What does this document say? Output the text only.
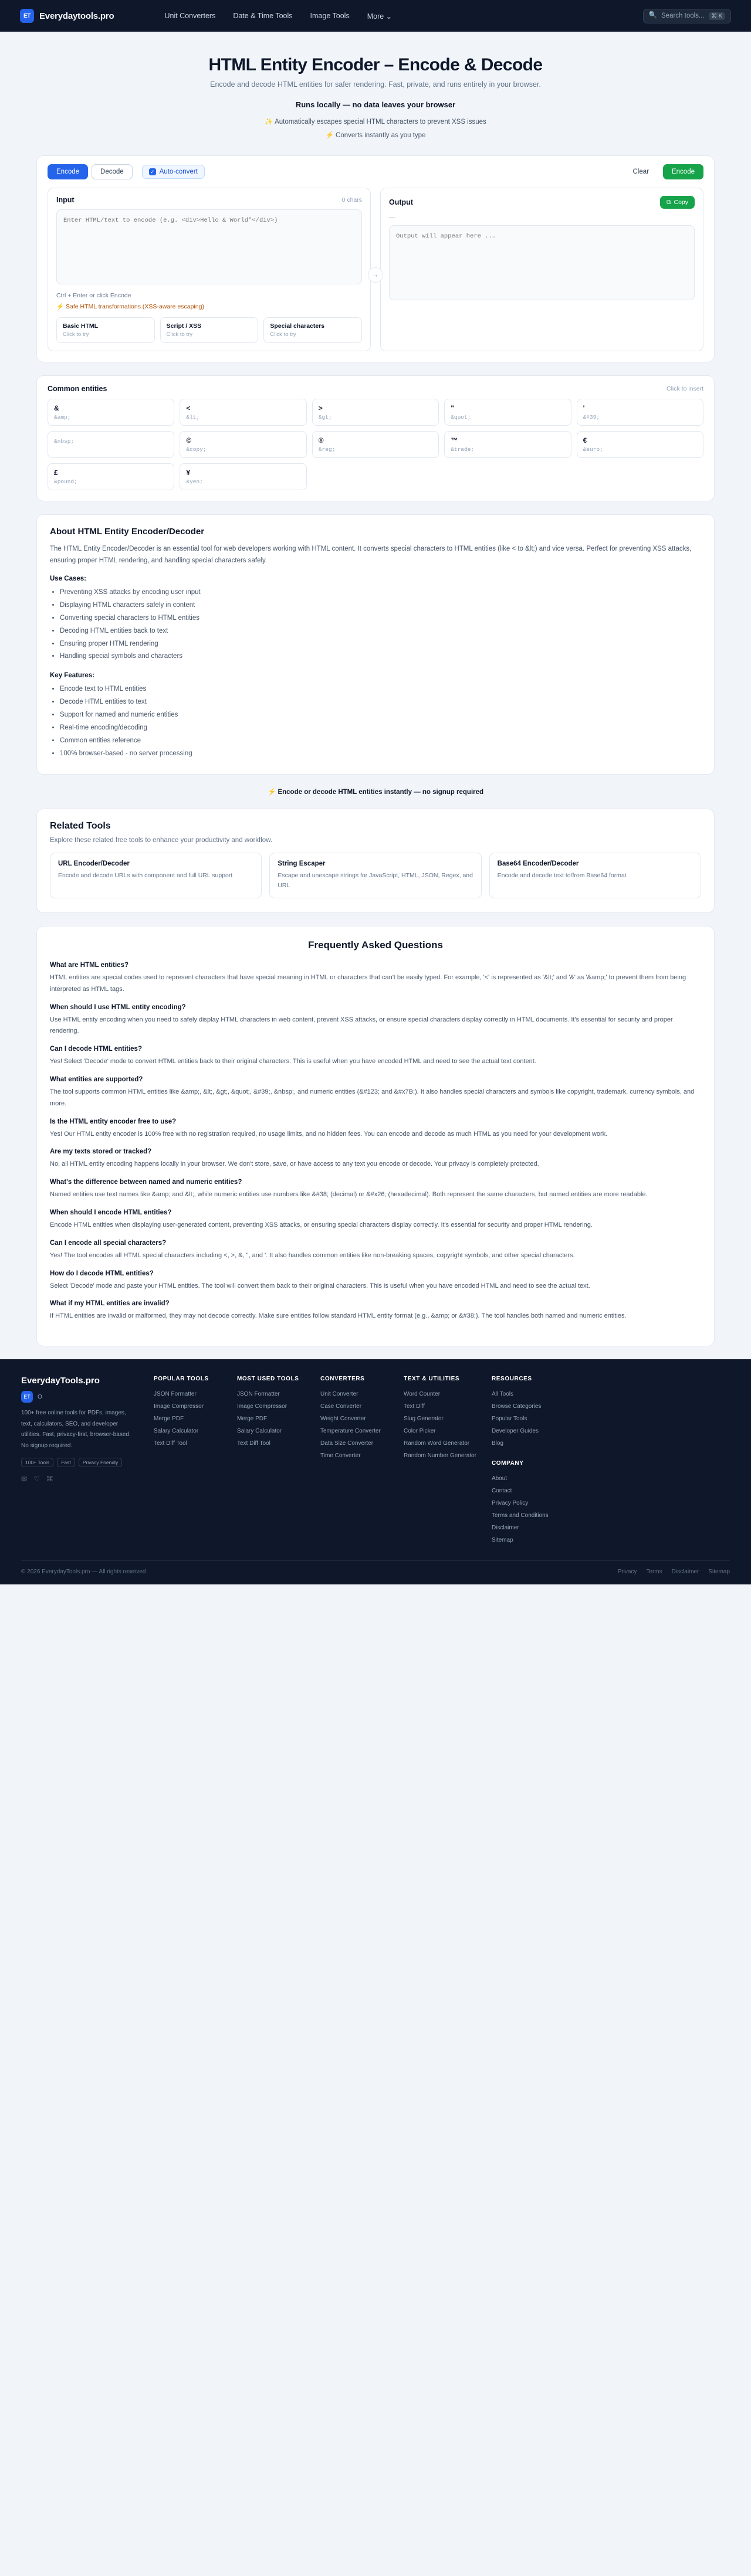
ET	Everydaytools.pro	Unit Converters Date & Time Tools Image Tools More ⌄	🔍 Search tools...	⌘ K
HTML Entity Encoder – Encode & Decode
Encode and decode HTML entities for safer rendering. Fast, private, and runs entirely in your browser.
Runs locally — no data leaves your browser
✨ Automatically escapes special HTML characters to prevent XSS issues
⚡ Converts instantly as you type
Encode	Decode	✓ Auto-convert	Clear	Encode
→
Input	0 chars
Enter HTML/text to encode (e.g. <div>Hello & World"</div>)
Ctrl + Enter or click Encode
⚡ Safe HTML transformations (XSS-aware escaping)
Basic HTML
Click to try
Script / XSS
Click to try
Special characters
Click to try
Output	⧉ Copy
—
Output will appear here ...
Common entities	Click to insert
&
&amp;
<
&lt;
>
&gt;
"
&quot;
'
&#39;
&nbsp;	©
&copy;
®
&reg;
™
&trade;
€
&euro;
£
&pound;
¥
&yen;
About HTML Entity Encoder/Decoder

The HTML Entity Encoder/Decoder is an essential tool for web developers working with HTML content. It converts special characters to HTML entities (like < to &lt;) and vice versa. Perfect for preventing XSS attacks, ensuring proper HTML rendering, and handling special characters safely.

Use Cases:
• Preventing XSS attacks by encoding user input
• Displaying HTML characters safely in content
• Converting special characters to HTML entities
• Decoding HTML entities back to text
• Ensuring proper HTML rendering
• Handling special symbols and characters
Key Features:
• Encode text to HTML entities
• Decode HTML entities to text
• Support for named and numeric entities
• Real-time encoding/decoding
• Common entities reference
• 100% browser-based - no server processing
⚡ Encode or decode HTML entities instantly — no signup required
Related Tools
Explore these related free tools to enhance your productivity and workflow.
URL Encoder/Decoder
Encode and decode URLs with component and full URL support
String Escaper
Escape and unescape strings for JavaScript, HTML, JSON, Regex, and URL
Base64 Encoder/Decoder
Encode and decode text to/from Base64 format
Frequently Asked Questions
What are HTML entities?
HTML entities are special codes used to represent characters that have special meaning in HTML or characters that can't be easily typed. For example, '<' is represented as '&lt;' and '&' as '&amp;' to prevent them from being interpreted as HTML tags.
When should I use HTML entity encoding?
Use HTML entity encoding when you need to safely display HTML characters in web content, prevent XSS attacks, or ensure special characters display correctly in HTML documents. It's essential for security and proper rendering.
Can I decode HTML entities?
Yes! Select 'Decode' mode to convert HTML entities back to their original characters. This is useful when you have encoded HTML and need to see the actual text content.
What entities are supported?
The tool supports common HTML entities like &amp;, &lt;, &gt;, &quot;, &#39;, &nbsp;, and numeric entities (&#123; and &#x7B;). It also handles special characters and symbols like copyright, trademark, currency symbols, and more.
Is the HTML entity encoder free to use?
Yes! Our HTML entity encoder is 100% free with no registration required, no usage limits, and no hidden fees. You can encode and decode as much HTML as you need for your development work.
Are my texts stored or tracked?
No, all HTML entity encoding happens locally in your browser. We don't store, save, or have access to any text you encode or decode. Your privacy is completely protected.
What's the difference between named and numeric entities?
Named entities use text names like &amp; and &lt;, while numeric entities use numbers like &#38; (decimal) or &#x26; (hexadecimal). Both represent the same characters, but named entities are more readable.
When should I encode HTML entities?
Encode HTML entities when displaying user-generated content, preventing XSS attacks, or ensuring special characters display correctly. It's essential for security and proper HTML rendering.
Can I encode all special characters?
Yes! The tool encodes all HTML special characters including <, >, &, ", and '. It also handles common entities like non-breaking spaces, copyright symbols, and other special characters.
How do I decode HTML entities?
Select 'Decode' mode and paste your HTML entities. The tool will convert them back to their original characters. This is useful when you have encoded HTML and need to see the actual text.
What if my HTML entities are invalid?
If HTML entities are invalid or malformed, they may not decode correctly. Make sure entities follow standard HTML entity format (e.g., &amp; or &#38;). The tool handles both named and numeric entities.
EverydayTools.pro
ET	O

100+ free online tools for PDFs, images, text, calculators, SEO, and developer utilities. Fast, privacy-first, browser-based. No signup required.

100+ Tools	Fast	Privacy Friendly
✉ ♡ ⌘
POPULAR TOOLS
JSON Formatter
Image Compressor
Merge PDF
Salary Calculator
Text Diff Tool
MOST USED TOOLS
JSON Formatter
Image Compressor
Merge PDF
Salary Calculator
Text Diff Tool
CONVERTERS
Unit Converter
Case Converter
Weight Converter
Temperature Converter
Data Size Converter
Time Converter
TEXT & UTILITIES
Word Counter
Text Diff
Slug Generator
Color Picker
Random Word Generator
Random Number Generator
RESOURCES
All Tools
Browse Categories
Popular Tools
Developer Guides
Blog
COMPANY
About
Contact
Privacy Policy
Terms and Conditions
Disclaimer
Sitemap
© 2026 EverydayTools.pro — All rights reserved	Privacy Terms Disclaimer Sitemap
